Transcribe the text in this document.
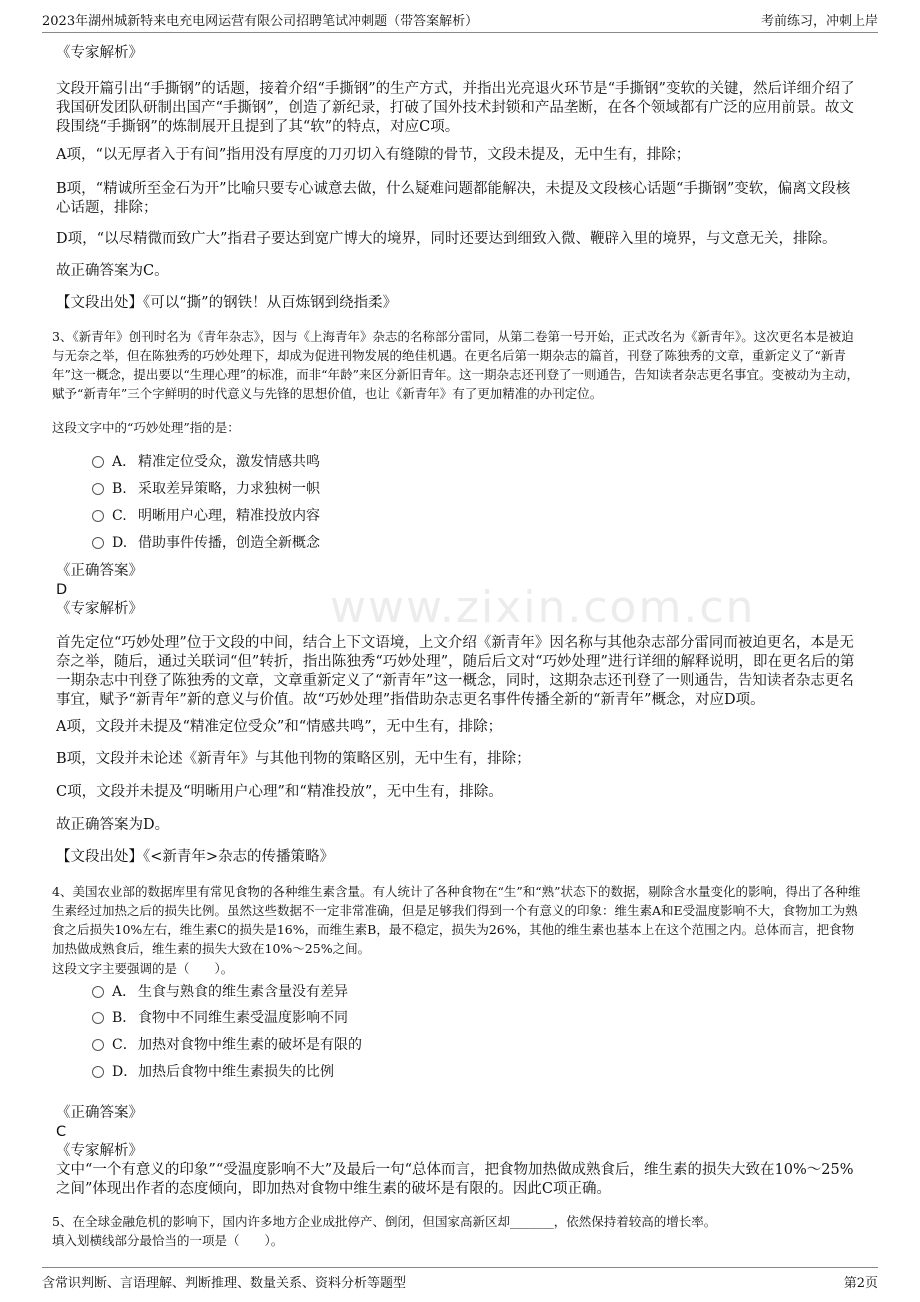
2023年湖州城新特来电充电网运营有限公司招聘笔试冲刺题（带答案解析）	考前练习，冲刺上岸
www.zixin.com.cn
《专家解析》
文段开篇引出“手撕钢”的话题，接着介绍“手撕钢”的生产方式，并指出光亮退火环节是“手撕钢”变软的关键，然后详细介绍了我国研发团队研制出国产“手撕钢”，创造了新纪录，打破了国外技术封锁和产品垄断，在各个领域都有广泛的应用前景。故文段围绕“手撕钢”的炼制展开且提到了其“软”的特点，对应C项。
A项，“以无厚者入于有间”指用没有厚度的刀刃切入有缝隙的骨节，文段未提及，无中生有，排除；
B项，“精诚所至金石为开”比喻只要专心诚意去做，什么疑难问题都能解决，未提及文段核心话题“手撕钢”变软，偏离文段核心话题，排除；
D项，“以尽精微而致广大”指君子要达到宽广博大的境界，同时还要达到细致入微、鞭辟入里的境界，与文意无关，排除。
故正确答案为C。
【文段出处】《可以“撕”的钢铁！从百炼钢到绕指柔》
3、《新青年》创刊时名为《青年杂志》，因与《上海青年》杂志的名称部分雷同，从第二卷第一号开始，正式改名为《新青年》。这次更名本是被迫与无奈之举，但在陈独秀的巧妙处理下，却成为促进刊物发展的绝佳机遇。在更名后第一期杂志的篇首，刊登了陈独秀的文章，重新定义了“新青年”这一概念，提出要以“生理心理”的标准，而非“年龄”来区分新旧青年。这一期杂志还刊登了一则通告，告知读者杂志更名事宜。变被动为主动，赋予“新青年”三个字鲜明的时代意义与先锋的思想价值，也让《新青年》有了更加精准的办刊定位。
这段文字中的“巧妙处理”指的是：
A． 精准定位受众，激发情感共鸣
B. 采取差异策略，力求独树一帜
C. 明晰用户心理，精准投放内容
D. 借助事件传播，创造全新概念
《正确答案》
D
《专家解析》
首先定位“巧妙处理”位于文段的中间，结合上下文语境，上文介绍《新青年》因名称与其他杂志部分雷同而被迫更名，本是无奈之举，随后，通过关联词“但”转折，指出陈独秀“巧妙处理”，随后后文对“巧妙处理”进行详细的解释说明，即在更名后的第一期杂志中刊登了陈独秀的文章，文章重新定义了“新青年”这一概念，同时，这期杂志还刊登了一则通告，告知读者杂志更名事宜，赋予“新青年”新的意义与价值。故“巧妙处理”指借助杂志更名事件传播全新的“新青年”概念，对应D项。
A项，文段并未提及“精准定位受众”和“情感共鸣”，无中生有，排除；
B项，文段并未论述《新青年》与其他刊物的策略区别，无中生有，排除；
C项，文段并未提及“明晰用户心理”和“精准投放”，无中生有，排除。
故正确答案为D。
【文段出处】《<新青年>杂志的传播策略》
4、美国农业部的数据库里有常见食物的各种维生素含量。有人统计了各种食物在“生”和“熟”状态下的数据，剔除含水量变化的影响，得出了各种维生素经过加热之后的损失比例。虽然这些数据不一定非常准确，但是足够我们得到一个有意义的印象：维生素A和E受温度影响不大，食物加工为熟食之后损失10%左右，维生素C的损失是16%，而维生素B，最不稳定，损失为26%，其他的维生素也基本上在这个范围之内。总体而言，把食物加热做成熟食后，维生素的损失大致在10%～25%之间。
这段文字主要强调的是（　　）。
A． 生食与熟食的维生素含量没有差异
B． 食物中不同维生素受温度影响不同
C．加热对食物中维生素的破坏是有限的
D．加热后食物中维生素损失的比例
《正确答案》
C
《专家解析》
文中“一个有意义的印象”“受温度影响不大”及最后一句“总体而言，把食物加热做成熟食后，维生素的损失大致在10%～25%之间”体现出作者的态度倾向，即加热对食物中维生素的破坏是有限的。因此C项正确。
5、在全球金融危机的影响下，国内许多地方企业成批停产、倒闭，但国家高新区却_______，依然保持着较高的增长率。
填入划横线部分最恰当的一项是（　　）。
含常识判断、言语理解、判断推理、数量关系、资料分析等题型	第2页
